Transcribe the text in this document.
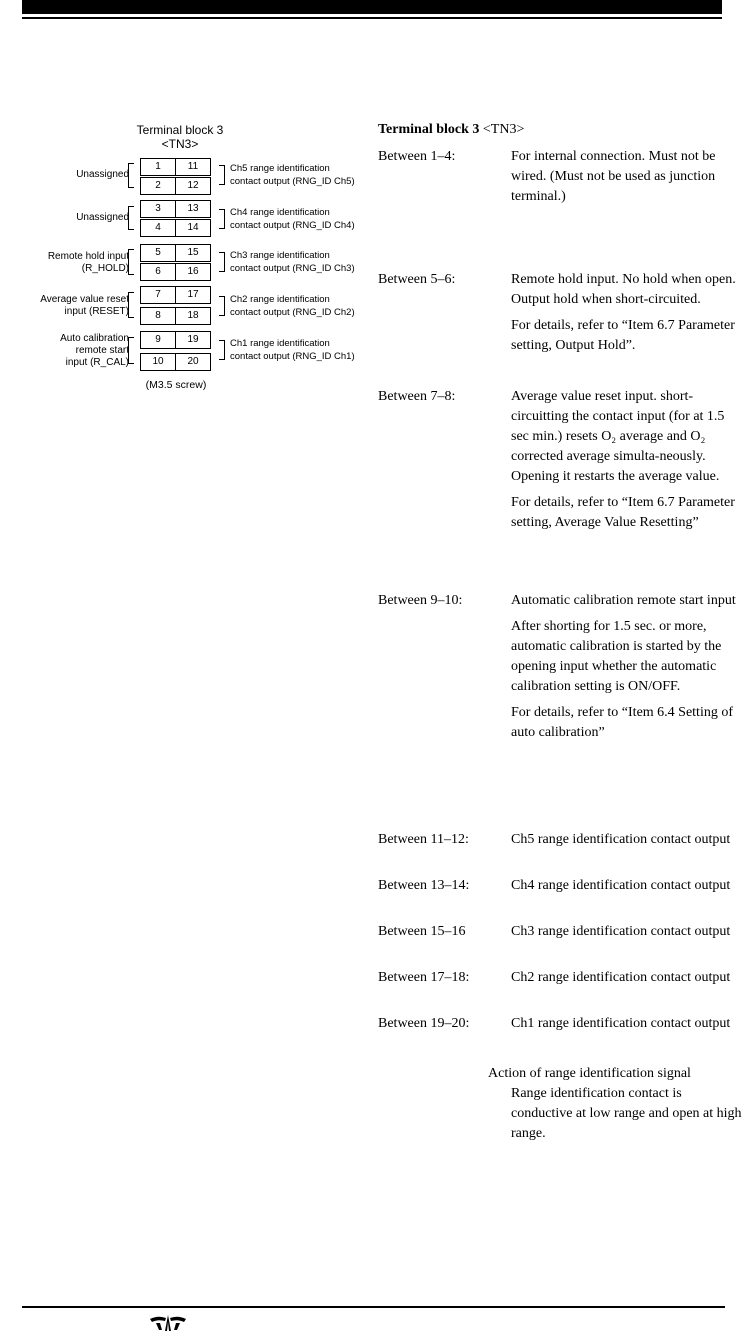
Terminal block 3
<TN3>
1	11
2	12
3	13
4	14
5	15
6	16
7	17
8	18
9	19
10	20
Unassigned
Unassigned
Remote hold input
(R_HOLD)
Average value reset
input (RESET)
Auto calibration
remote start
input (R_CAL)
Ch5 range identification
contact output (RNG_ID Ch5)
Ch4 range identification
contact output (RNG_ID Ch4)
Ch3 range identification
contact output (RNG_ID Ch3)
Ch2 range identification
contact output (RNG_ID Ch2)
Ch1 range identification
contact output (RNG_ID Ch1)
(M3.5 screw)
Terminal block 3 <TN3>
Between 1–4:	For internal connection. Must not be wired. (Must not be used as junction terminal.)

Between 5–6:	Remote hold input. No hold when open. Output hold when short-circuited.

For details, refer to “Item 6.7 Parameter setting, Output Hold”.

Between 7–8:	Average value reset input. short-circuitting the contact input (for at 1.5 sec min.) resets O₂ average and O₂ corrected average simulta-neously. Opening it restarts the average value.

For details, refer to “Item 6.7 Parameter setting, Average Value Resetting”

Between 9–10:	Automatic calibration remote start input

After shorting for 1.5 sec. or more, automatic calibration is started by the opening input whether the automatic calibration setting is ON/OFF.

For details, refer to “Item 6.4 Setting of auto calibration”

Between 11–12:	Ch5 range identification contact output

Between 13–14:	Ch4 range identification contact output

Between 15–16	Ch3 range identification contact output

Between 17–18:	Ch2 range identification contact output

Between 19–20:	Ch1 range identification contact output

Action of range identification signal
Range identification contact is conductive at low range and open at high range.
